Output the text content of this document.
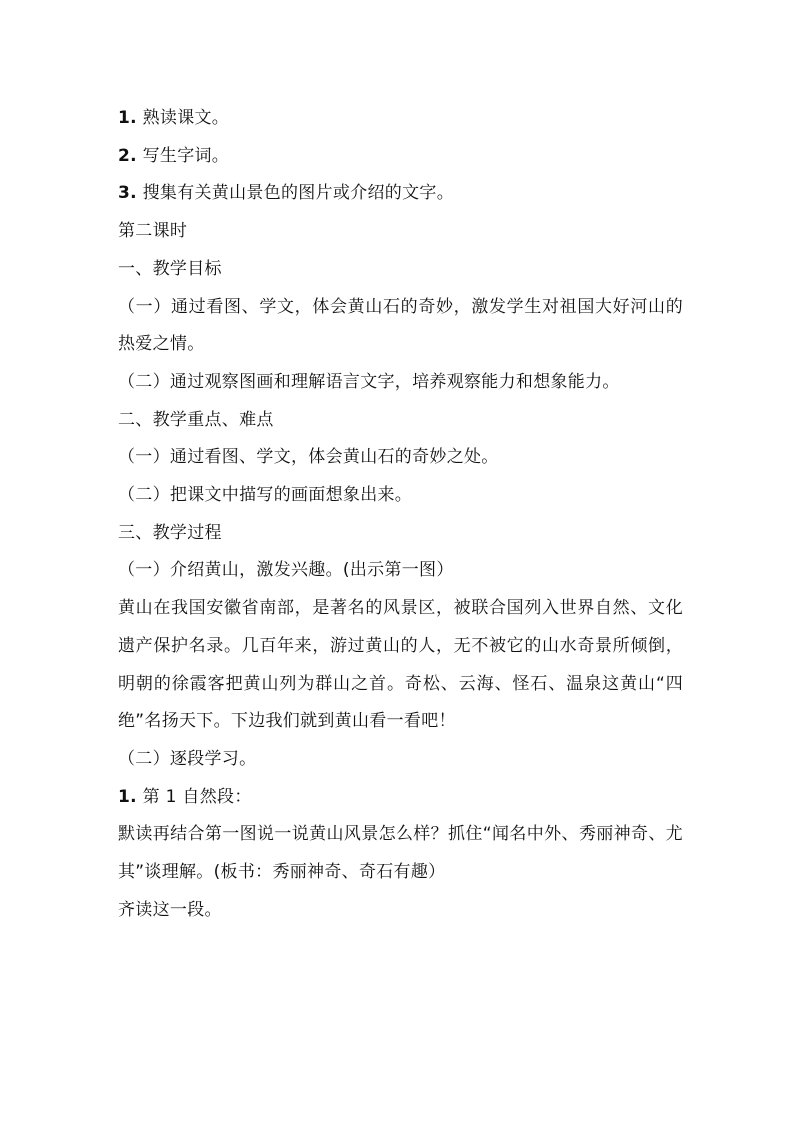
1. 熟读课文。

2. 写生字词。

3. 搜集有关黄山景色的图片或介绍的文字。

第二课时

一、教学目标

（一）通过看图、学文，体会黄山石的奇妙，激发学生对祖国大好河山的热爱之情。

（二）通过观察图画和理解语言文字，培养观察能力和想象能力。

二、教学重点、难点

（一）通过看图、学文，体会黄山石的奇妙之处。

（二）把课文中描写的画面想象出来。

三、教学过程

（一）介绍黄山，激发兴趣。(出示第一图）

黄山在我国安徽省南部，是著名的风景区，被联合国列入世界自然、文化遗产保护名录。几百年来，游过黄山的人，无不被它的山水奇景所倾倒，明朝的徐霞客把黄山列为群山之首。奇松、云海、怪石、温泉这黄山“四绝”名扬天下。下边我们就到黄山看一看吧！

（二）逐段学习。

1. 第 1 自然段：

默读再结合第一图说一说黄山风景怎么样？抓住“闻名中外、秀丽神奇、尤其”谈理解。(板书：秀丽神奇、奇石有趣）

齐读这一段。
